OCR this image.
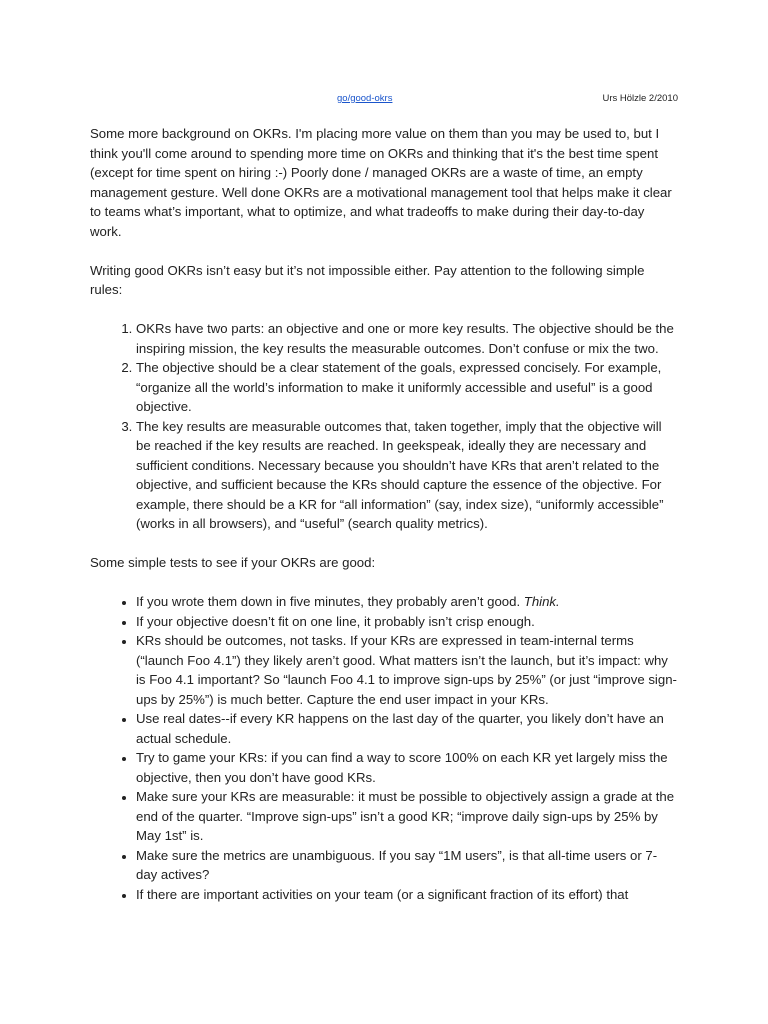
go/good-okrs	Urs Hölzle 2/2010

Some more background on OKRs. I'm placing more value on them than you may be used to, but I think you'll come around to spending more time on OKRs and thinking that it's the best time spent (except for time spent on hiring :-) Poorly done / managed OKRs are a waste of time, an empty management gesture. Well done OKRs are a motivational management tool that helps make it clear to teams what’s important, what to optimize, and what tradeoffs to make during their day-to-day work.

Writing good OKRs isn’t easy but it’s not impossible either. Pay attention to the following simple rules:

1. OKRs have two parts: an objective and one or more key results. The objective should be the inspiring mission, the key results the measurable outcomes. Don’t confuse or mix the two.
2. The objective should be a clear statement of the goals, expressed concisely. For example, “organize all the world’s information to make it uniformly accessible and useful” is a good objective.
3. The key results are measurable outcomes that, taken together, imply that the objective will be reached if the key results are reached. In geekspeak, ideally they are necessary and sufficient conditions. Necessary because you shouldn’t have KRs that aren’t related to the objective, and sufficient because the KRs should capture the essence of the objective. For example, there should be a KR for “all information” (say, index size), “uniformly accessible” (works in all browsers), and “useful” (search quality metrics).

Some simple tests to see if your OKRs are good:

• If you wrote them down in five minutes, they probably aren’t good. Think.
• If your objective doesn’t fit on one line, it probably isn’t crisp enough.
• KRs should be outcomes, not tasks. If your KRs are expressed in team-internal terms (“launch Foo 4.1”) they likely aren’t good. What matters isn’t the launch, but it’s impact: why is Foo 4.1 important? So “launch Foo 4.1 to improve sign-ups by 25%” (or just “improve sign-ups by 25%”) is much better. Capture the end user impact in your KRs.
• Use real dates--if every KR happens on the last day of the quarter, you likely don’t have an actual schedule.
• Try to game your KRs: if you can find a way to score 100% on each KR yet largely miss the objective, then you don’t have good KRs.
• Make sure your KRs are measurable: it must be possible to objectively assign a grade at the end of the quarter. “Improve sign-ups” isn’t a good KR; “improve daily sign-ups by 25% by May 1st” is.
• Make sure the metrics are unambiguous. If you say “1M users”, is that all-time users or 7-day actives?
• If there are important activities on your team (or a significant fraction of its effort) that
